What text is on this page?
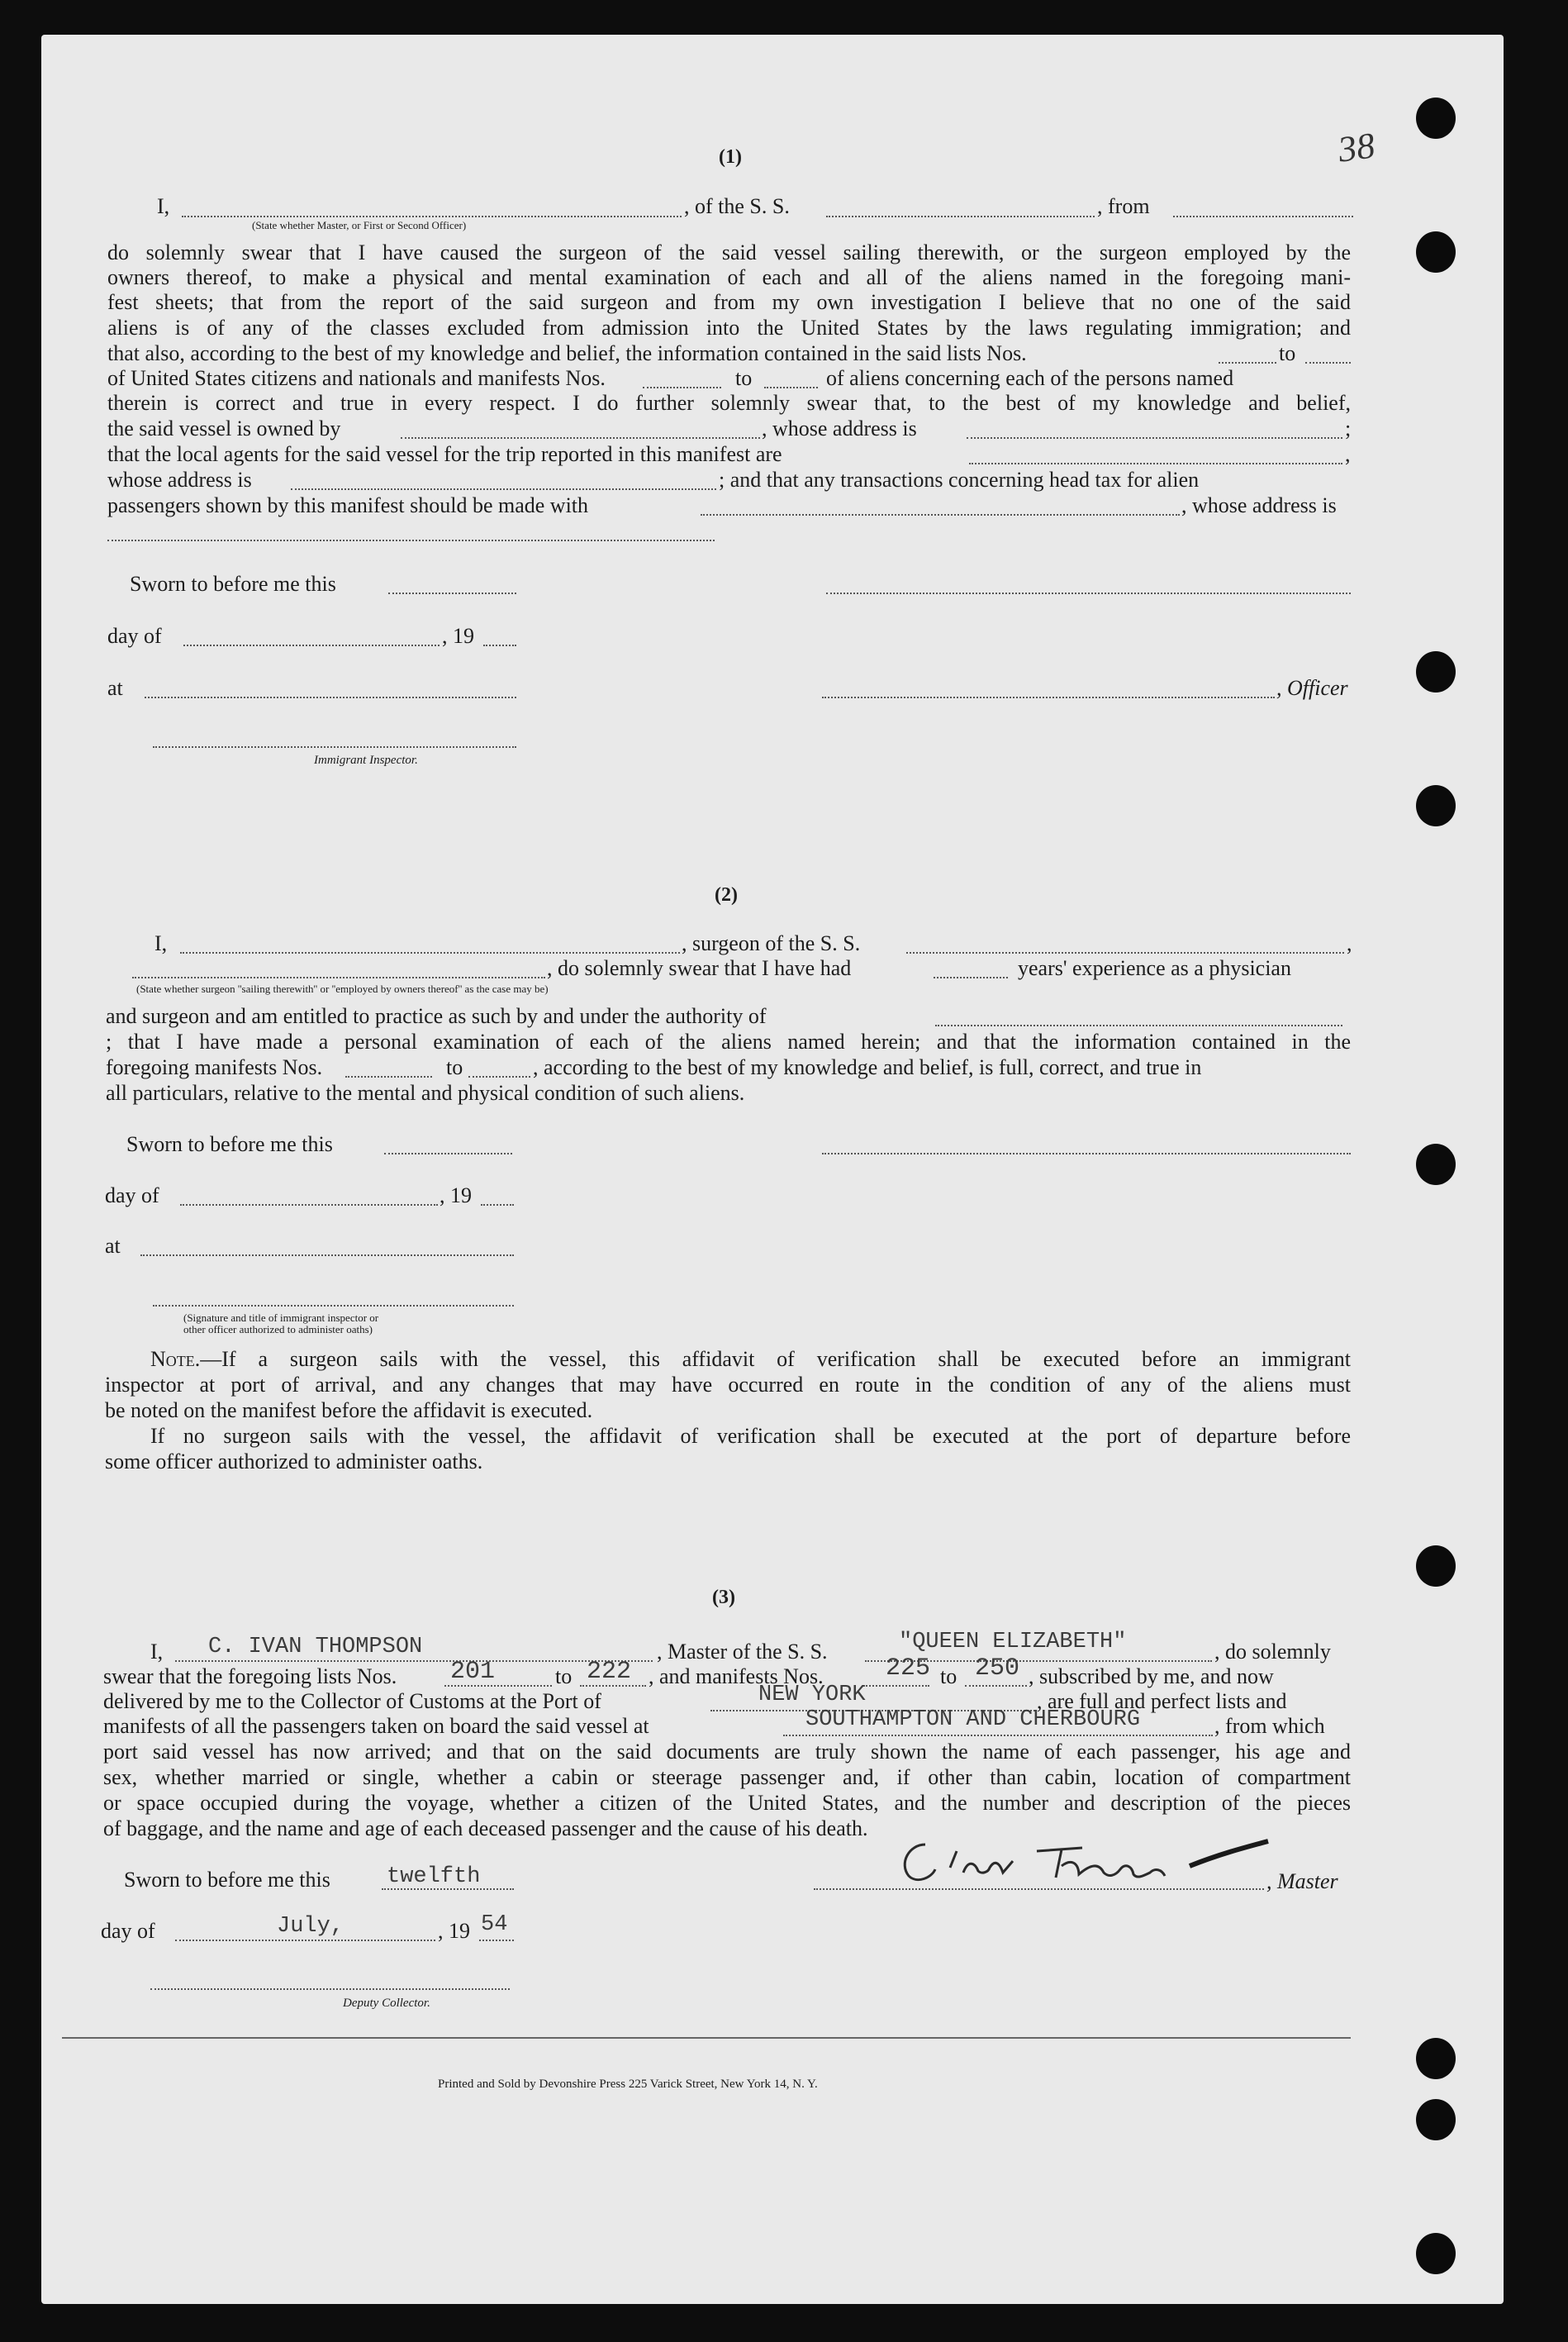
38
(1)
I,	, of the S. S.	, from
(State whether Master, or First or Second Officer)
do solemnly swear that I have caused the surgeon of the said vessel sailing therewith, or the surgeon employed by the
owners thereof, to make a physical and mental examination of each and all of the aliens named in the foregoing mani-
fest sheets; that from the report of the said surgeon and from my own investigation I believe that no one of the said
aliens is of any of the classes excluded from admission into the United States by the laws regulating immigration; and
that also, according to the best of my knowledge and belief, the information contained in the said lists Nos.	to
of United States citizens and nationals and manifests Nos.	to	of aliens concerning each of the persons named
therein is correct and true in every respect. I do further solemnly swear that, to the best of my knowledge and belief,
the said vessel is owned by	, whose address is	;
that the local agents for the said vessel for the trip reported in this manifest are	,
whose address is	; and that any transactions concerning head tax for alien
passengers shown by this manifest should be made with	, whose address is
Sworn to before me this
day of	, 19
at	, Officer
Immigrant Inspector.
(2)
I,	, surgeon of the S. S.	,
, do solemnly swear that I have had	years' experience as a physician
(State whether surgeon ''sailing therewith'' or ''employed by owners thereof'' as the case may be)
and surgeon and am entitled to practice as such by and under the authority of
; that I have made a personal examination of each of the aliens named herein; and that the information contained in the
foregoing manifests Nos.	to	, according to the best of my knowledge and belief, is full, correct, and true in
all particulars, relative to the mental and physical condition of such aliens.
Sworn to before me this
day of	, 19
at
(Signature and title of immigrant inspector or
other officer authorized to administer oaths)
Note.—If a surgeon sails with the vessel, this affidavit of verification shall be executed before an immigrant
inspector at port of arrival, and any changes that may have occurred en route in the condition of any of the aliens must
be noted on the manifest before the affidavit is executed.
If no surgeon sails with the vessel, the affidavit of verification shall be executed at the port of departure before
some officer authorized to administer oaths.
(3)
I, C. IVAN THOMPSON	, Master of the S. S.	"QUEEN ELIZABETH"	, do solemnly
swear that the foregoing lists Nos. 201	to 222 , and manifests Nos.	225 to 250 , subscribed by me, and now
delivered by me to the Collector of Customs at the Port of	NEW YORK	, are full and perfect lists and
manifests of all the passengers taken on board the said vessel at	SOUTHAMPTON AND CHERBOURG	, from which
port said vessel has now arrived; and that on the said documents are truly shown the name of each passenger, his age and
sex, whether married or single, whether a cabin or steerage passenger and, if other than cabin, location of compartment
or space occupied during the voyage, whether a citizen of the United States, and the number and description of the pieces
of baggage, and the name and age of each deceased passenger and the cause of his death.
Sworn to before me this	twelfth	, Master
day of	July,	, 19 54
Deputy Collector.
Printed and Sold by Devonshire Press 225 Varick Street, New York 14, N. Y.
